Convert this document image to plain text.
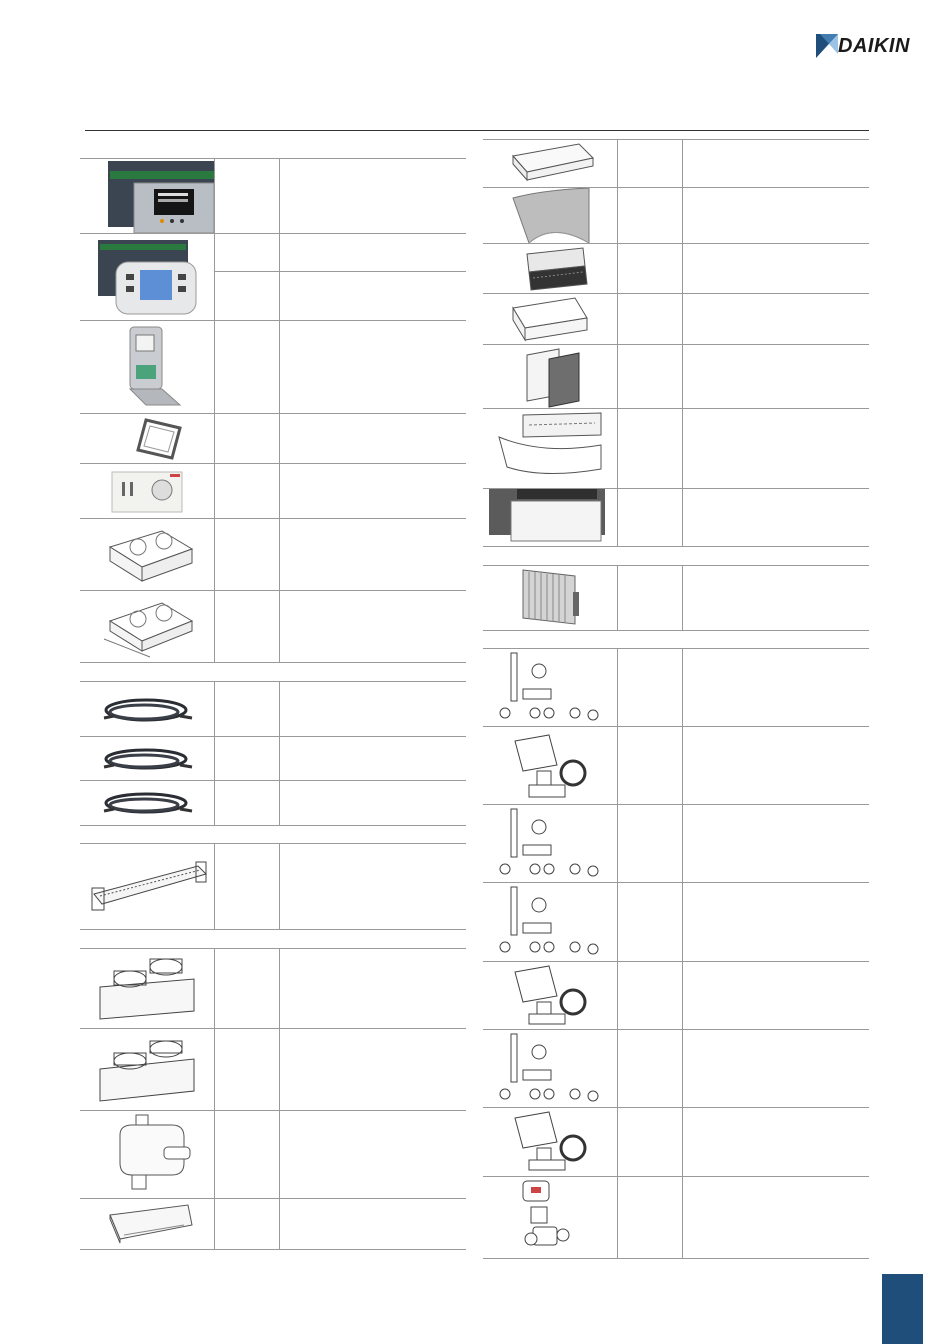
DAIKIN
